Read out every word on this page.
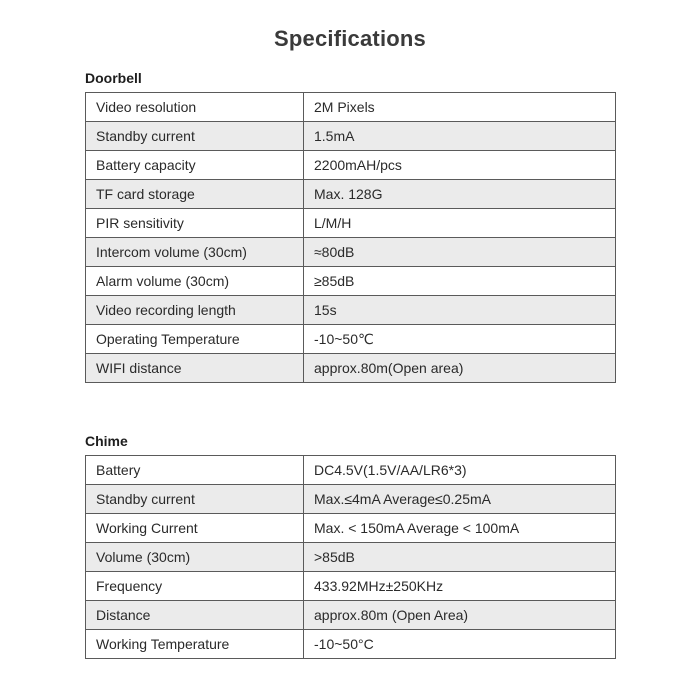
Specifications
Doorbell
Video resolution	2M Pixels
Standby current	1.5mA
Battery capacity	2200mAH/pcs
TF card storage	Max. 128G
PIR sensitivity	L/M/H
Intercom volume (30cm)	≈80dB
Alarm volume (30cm)	≥85dB
Video recording length	15s
Operating Temperature	-10~50℃
WIFI distance	approx.80m(Open area)
Chime
Battery	DC4.5V(1.5V/AA/LR6*3)
Standby current	Max.≤4mA Average≤0.25mA
Working Current	Max. < 150mA Average < 100mA
Volume (30cm)	>85dB
Frequency	433.92MHz±250KHz
Distance	approx.80m (Open Area)
Working Temperature	-10~50°C
